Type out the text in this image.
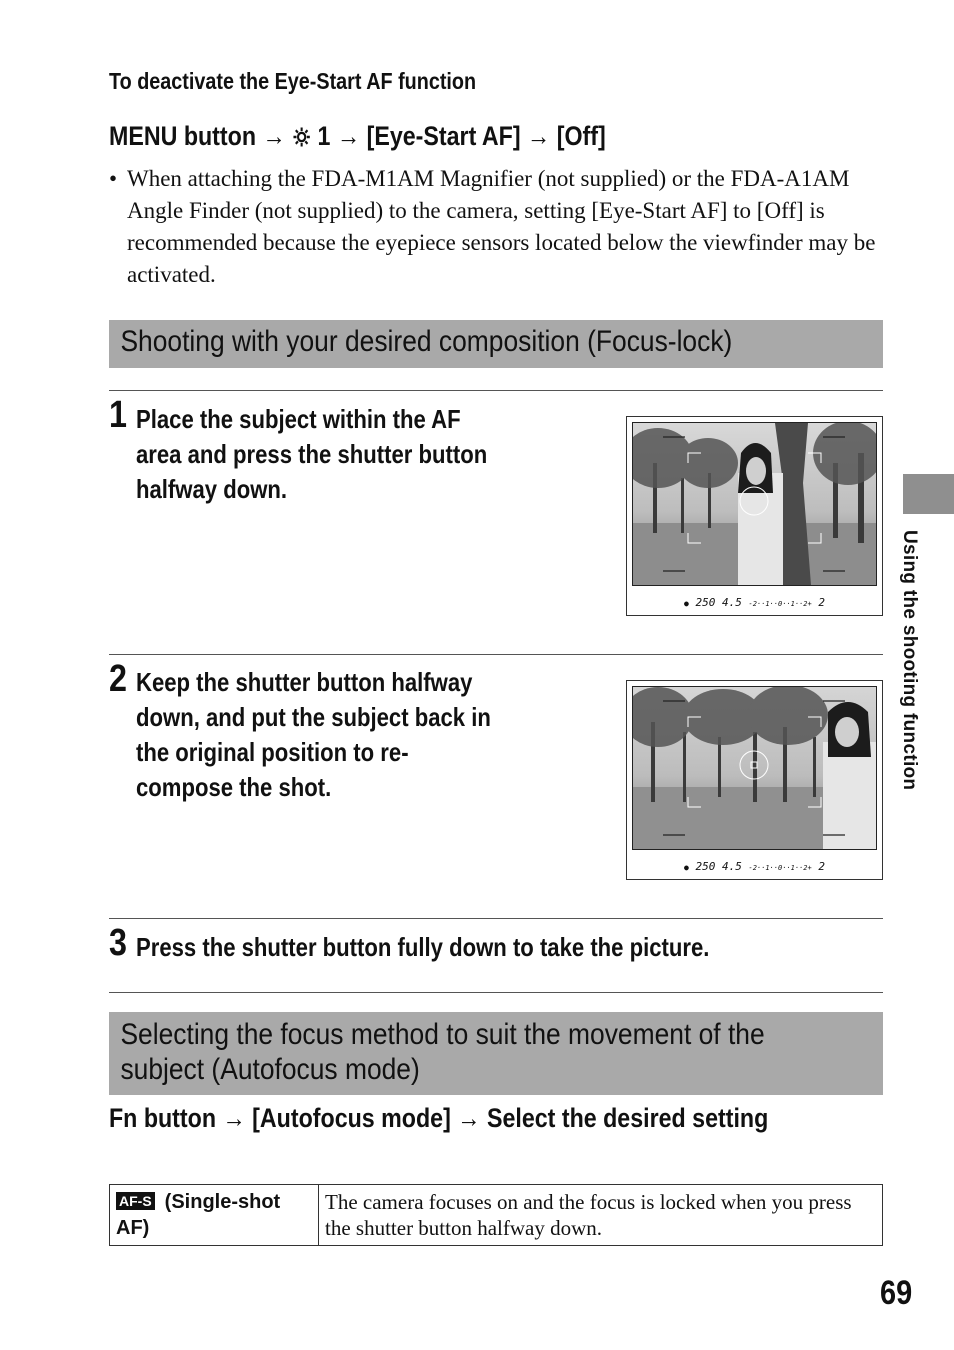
To deactivate the Eye-Start AF function
MENU button → 1 → [Eye-Start AF] → [Off]
• When attaching the FDA-M1AM Magnifier (not supplied) or the FDA-A1AM Angle Finder (not supplied) to the camera, setting [Eye-Start AF] to [Off] is recommended because the eyepiece sensors located below the viewfinder may be activated.
Shooting with your desired composition (Focus-lock)
1 Place the subject within the AF
area and press the shutter button
halfway down.
● 250 4.5 -2··1··0··1··2+ 2
2 Keep the shutter button halfway
down, and put the subject back in
the original position to re-
compose the shot.
● 250 4.5 -2··1··0··1··2+ 2
3 Press the shutter button fully down to take the picture.
Selecting the focus method to suit the movement of the
subject (Autofocus mode)
Fn button → [Autofocus mode] → Select the desired setting
AF-S (Single-shot AF)	The camera focuses on and the focus is locked when you press the shutter button halfway down.
Using the shooting function
69
